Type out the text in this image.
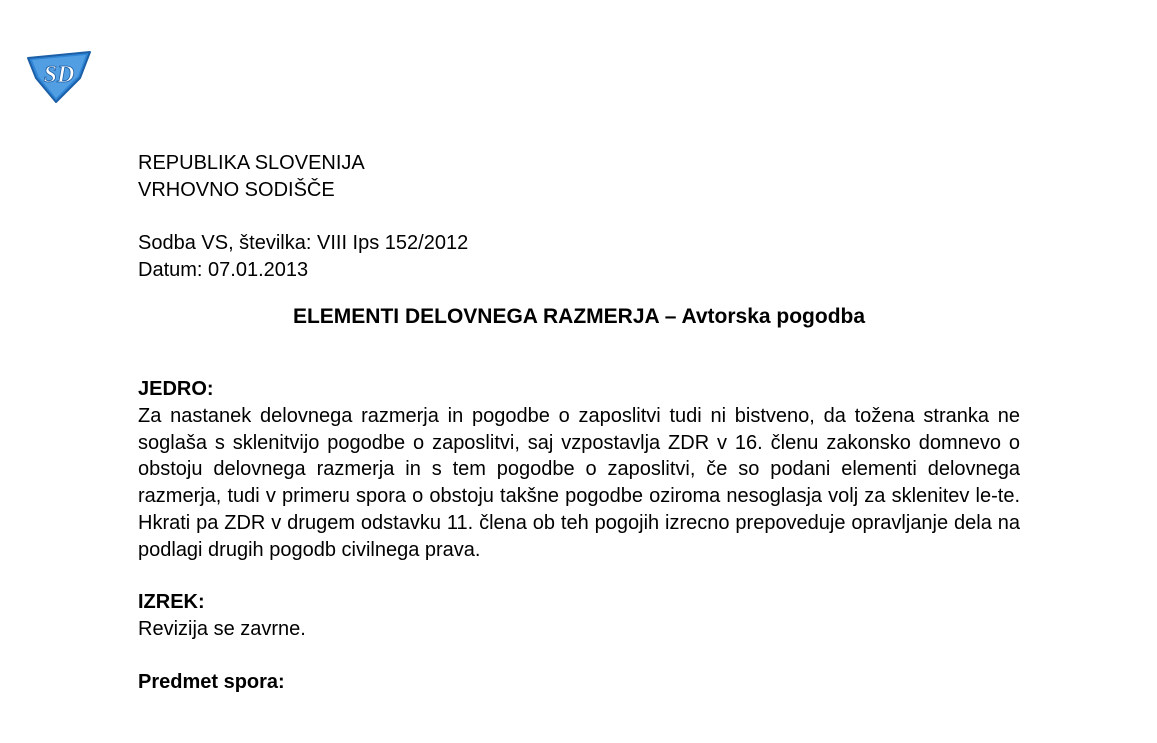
SD
REPUBLIKA SLOVENIJA
VRHOVNO SODIŠČE
Sodba VS, številka: VIII Ips 152/2012
Datum: 07.01.2013
ELEMENTI DELOVNEGA RAZMERJA – Avtorska pogodba
JEDRO:
Za nastanek delovnega razmerja in pogodbe o zaposlitvi tudi ni bistveno, da tožena stranka ne soglaša s sklenitvijo pogodbe o zaposlitvi, saj vzpostavlja ZDR v 16. členu zakonsko domnevo o obstoju delovnega razmerja in s tem pogodbe o zaposlitvi, če so podani elementi delovnega razmerja, tudi v primeru spora o obstoju takšne pogodbe oziroma nesoglasja volj za sklenitev le-te. Hkrati pa ZDR v drugem odstavku 11. člena ob teh pogojih izrecno prepoveduje opravljanje dela na podlagi drugih pogodb civilnega prava.
IZREK:
Revizija se zavrne.
Predmet spora:
